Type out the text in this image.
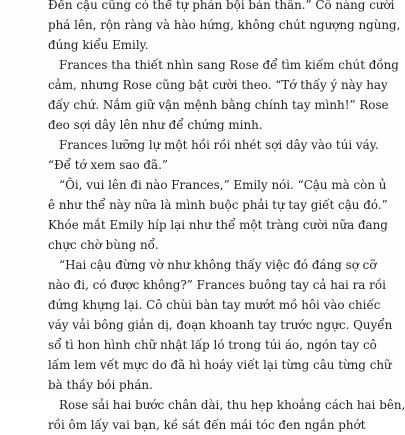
Đến cậu cũng có thể tự phản bội bản thân.” Cô nàng cười
phá lên, rộn ràng và hào hứng, không chút ngượng ngùng,
đúng kiểu Emily.
Frances tha thiết nhìn sang Rose để tìm kiếm chút đồng
cảm, nhưng Rose cũng bật cười theo. “Tớ thấy ý này hay
đấy chứ. Nắm giữ vận mệnh bằng chính tay mình!” Rose
đeo sợi dây lên như để chứng minh.
Frances lưỡng lự một hồi rồi nhét sợi dây vào túi váy.
“Để tớ xem sao đã.”
“Ôi, vui lên đi nào Frances,” Emily nói. “Cậu mà còn ủ
ê như thể này nữa là mình buộc phải tự tay giết cậu đó.”
Khóe mắt Emily híp lại như thể một tràng cười nữa đang
chực chờ bùng nổ.
“Hai cậu đừng vờ như không thấy việc đó đáng sợ cỡ
nào đi, có được không?” Frances buông tay cả hai ra rồi
đứng khựng lại. Cô chùi bàn tay mướt mồ hôi vào chiếc
váy vải bông giản dị, đoạn khoanh tay trước ngực. Quyển
sổ tì hon hình chữ nhật lấp ló trong túi áo, ngón tay cô
lấm lem vết mực do đã hì hoáy viết lại từng câu từng chữ
bà thầy bói phán.
Rose sải hai bước chân dài, thu hẹp khoảng cách hai bên,
rồi ôm lấy vai bạn, kề sát đến mái tóc đen ngắn phớt
